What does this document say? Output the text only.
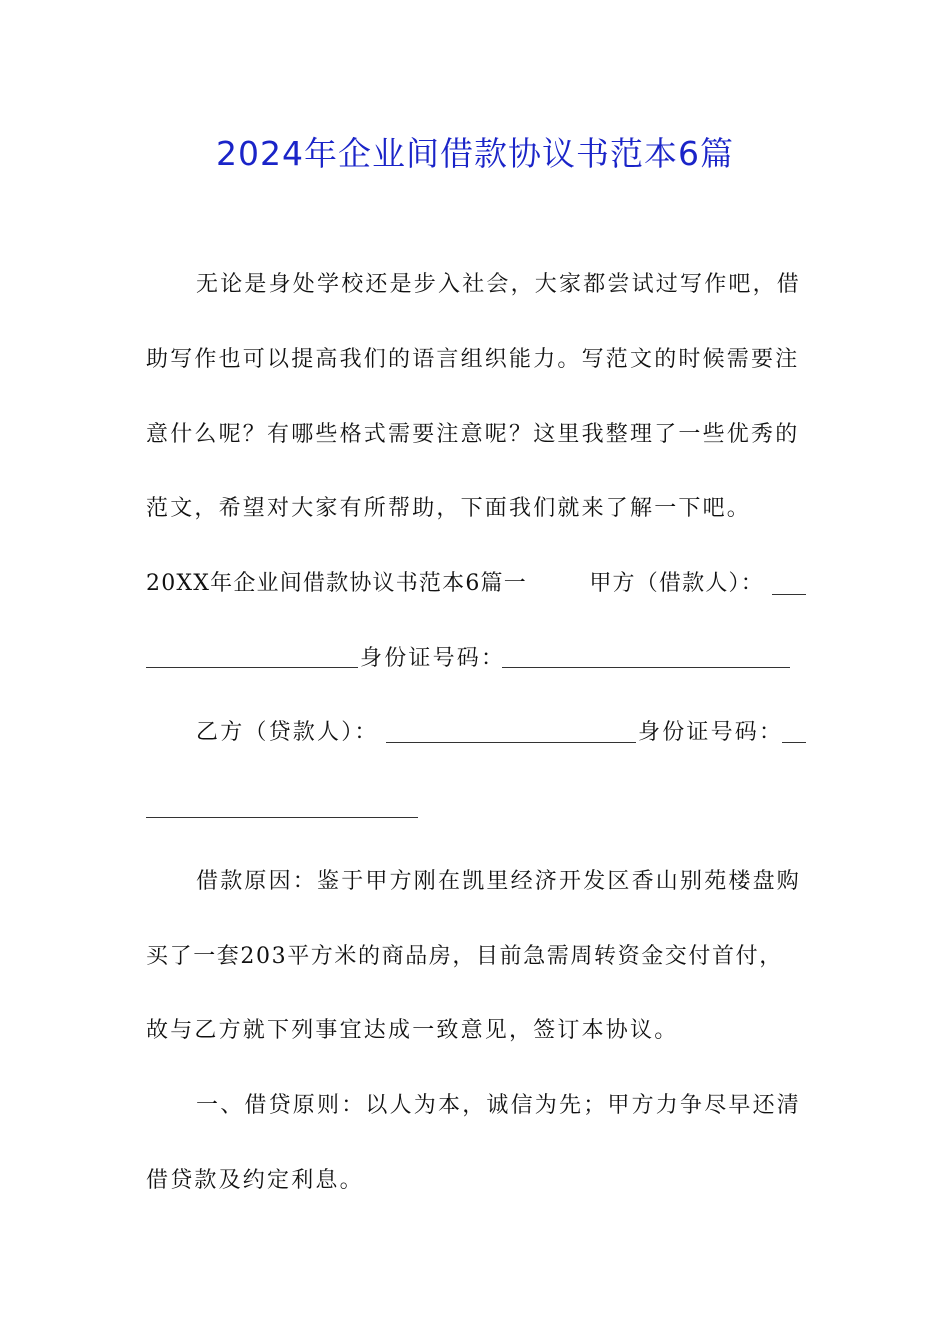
2024年企业间借款协议书范本6篇
无论是身处学校还是步入社会，大家都尝试过写作吧，借
助写作也可以提高我们的语言组织能力。写范文的时候需要注
意什么呢？有哪些格式需要注意呢？这里我整理了一些优秀的
范文，希望对大家有所帮助，下面我们就来了解一下吧。
20XX年企业间借款协议书范本6篇一	甲方（借款人）：
身份证号码：
乙方（贷款人）：	身份证号码：
借款原因：鉴于甲方刚在凯里经济开发区香山别苑楼盘购
买了一套203平方米的商品房，目前急需周转资金交付首付，
故与乙方就下列事宜达成一致意见，签订本协议。
一、借贷原则：以人为本，诚信为先；甲方力争尽早还清
借贷款及约定利息。
